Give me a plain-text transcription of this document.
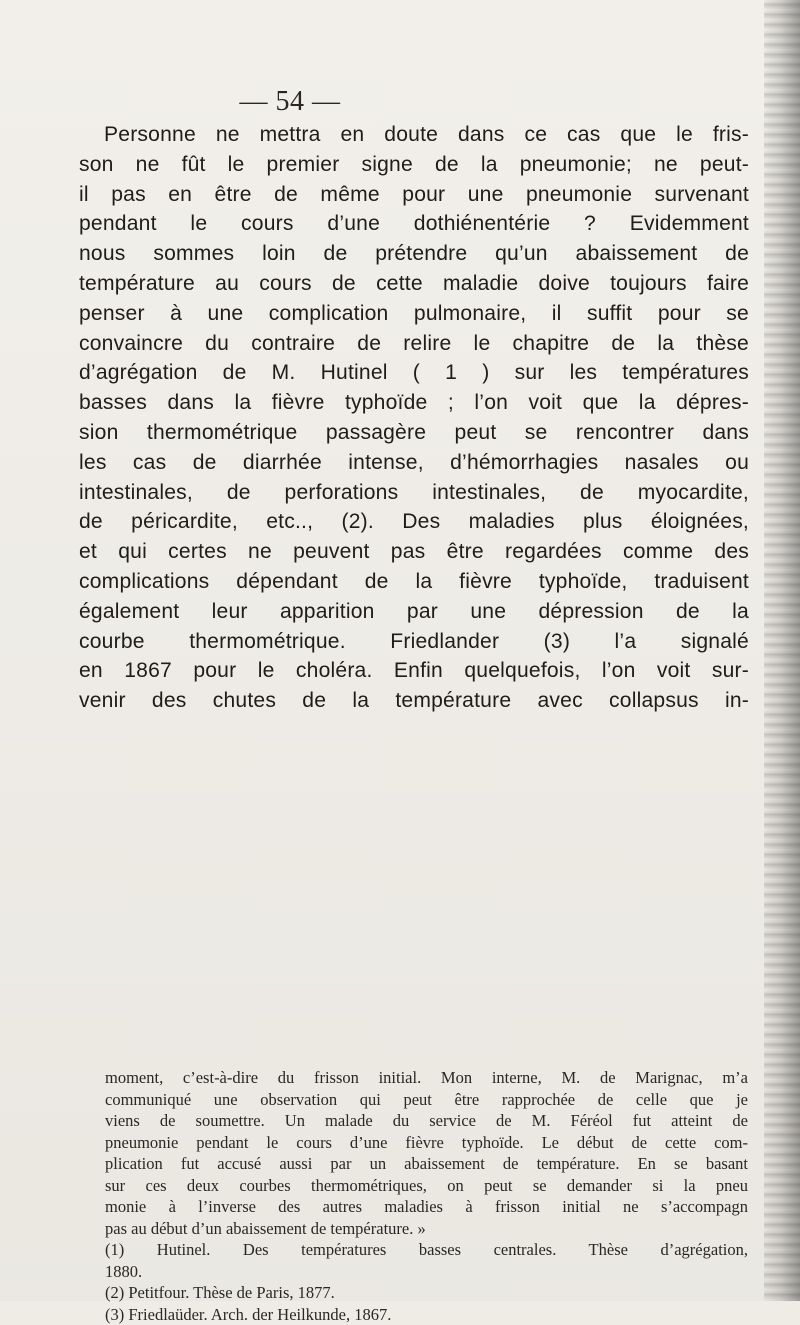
— 54 —
Personne ne mettra en doute dans ce cas que le fris-
son ne fût le premier signe de la pneumonie; ne peut-
il pas en être de même pour une pneumonie survenant
pendant le cours d’une dothiénentérie ? Evidemment
nous sommes loin de prétendre qu’un abaissement de
température au cours de cette maladie doive toujours faire
penser à une complication pulmonaire, il suffit pour se
convaincre du contraire de relire le chapitre de la thèse
d’agrégation de M. Hutinel ( 1 ) sur les températures
basses dans la fièvre typhoïde ; l’on voit que la dépres-
sion thermométrique passagère peut se rencontrer dans
les cas de diarrhée intense, d’hémorrhagies nasales ou
intestinales, de perforations intestinales, de myocardite,
de péricardite, etc.., (2). Des maladies plus éloignées,
et qui certes ne peuvent pas être regardées comme des
complications dépendant de la fièvre typhoïde, traduisent
également leur apparition par une dépression de la
courbe thermométrique. Friedlander (3) l’a signalé
en 1867 pour le choléra. Enfin quelquefois, l’on voit sur-
venir des chutes de la température avec collapsus in-
moment, c’est-à-dire du frisson initial. Mon interne, M. de Marignac, m’a
communiqué une observation qui peut être rapprochée de celle que je
viens de soumettre. Un malade du service de M. Féréol fut atteint de
pneumonie pendant le cours d’une fièvre typhoïde. Le début de cette com-
plication fut accusé aussi par un abaissement de température. En se basant
sur ces deux courbes thermométriques, on peut se demander si la pneu
monie à l’inverse des autres maladies à frisson initial ne s’accompagn
pas au début d’un abaissement de température. »
(1) Hutinel. Des températures basses centrales. Thèse d’agrégation,
1880.
(2) Petitfour. Thèse de Paris, 1877.
(3) Friedlaüder. Arch. der Heilkunde, 1867.
